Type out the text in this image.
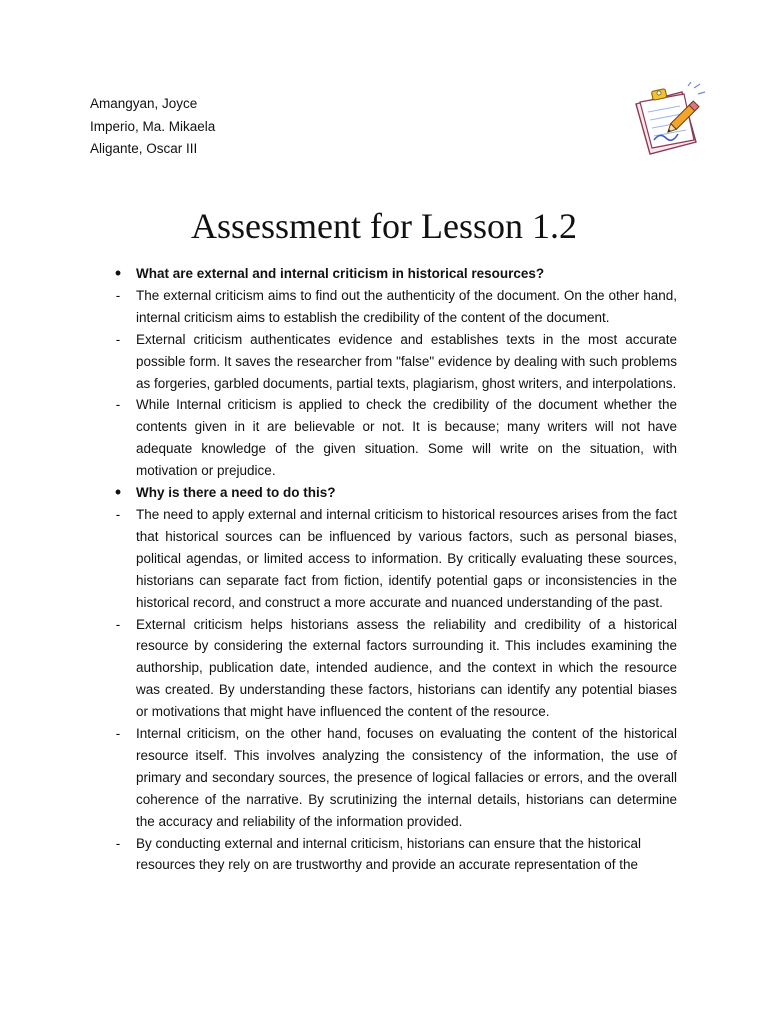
Amangyan, Joyce
Imperio, Ma. Mikaela
Aligante, Oscar III
Assessment for Lesson 1.2
• What are external and internal criticism in historical resources?
- The external criticism aims to find out the authenticity of the document. On the other hand, internal criticism aims to establish the credibility of the content of the document.
- External criticism authenticates evidence and establishes texts in the most accurate possible form. It saves the researcher from "false" evidence by dealing with such problems as forgeries, garbled documents, partial texts, plagiarism, ghost writers, and interpolations.
- While Internal criticism is applied to check the credibility of the document whether the contents given in it are believable or not. It is because; many writers will not have adequate knowledge of the given situation. Some will write on the situation, with motivation or prejudice.
• Why is there a need to do this?
- The need to apply external and internal criticism to historical resources arises from the fact that historical sources can be influenced by various factors, such as personal biases, political agendas, or limited access to information. By critically evaluating these sources, historians can separate fact from fiction, identify potential gaps or inconsistencies in the historical record, and construct a more accurate and nuanced understanding of the past.
- External criticism helps historians assess the reliability and credibility of a historical resource by considering the external factors surrounding it. This includes examining the authorship, publication date, intended audience, and the context in which the resource was created. By understanding these factors, historians can identify any potential biases or motivations that might have influenced the content of the resource.
- Internal criticism, on the other hand, focuses on evaluating the content of the historical resource itself. This involves analyzing the consistency of the information, the use of primary and secondary sources, the presence of logical fallacies or errors, and the overall coherence of the narrative. By scrutinizing the internal details, historians can determine the accuracy and reliability of the information provided.
- By conducting external and internal criticism, historians can ensure that the historical resources they rely on are trustworthy and provide an accurate representation of the
